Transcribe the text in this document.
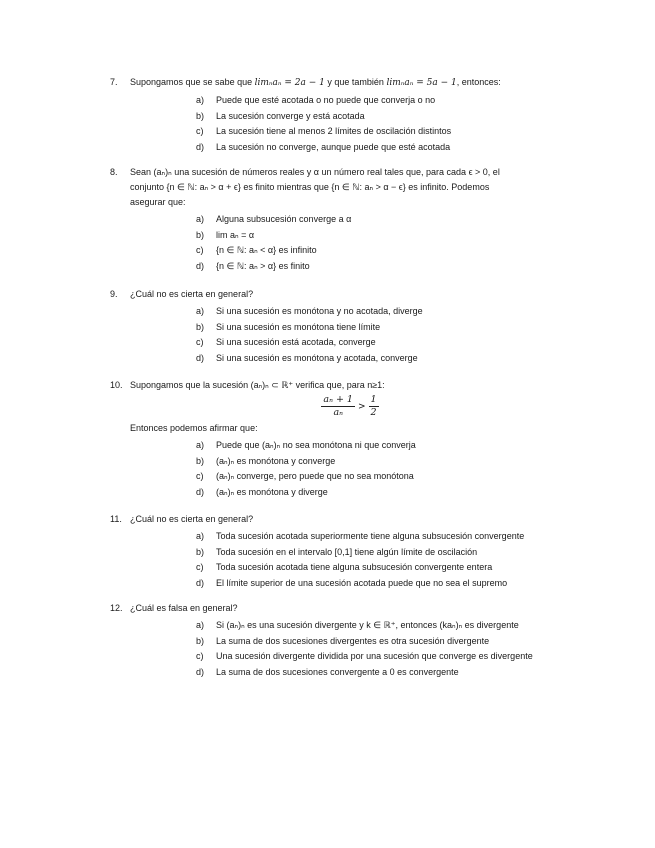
7. Supongamos que se sabe que limₙaₙ = 2a − 1 y que también limₙaₙ = 5a − 1, entonces:
a) Puede que esté acotada o no puede que converja o no
b) La sucesión converge y está acotada
c) La sucesión tiene al menos 2 límites de oscilación distintos
d) La sucesión no converge, aunque puede que esté acotada
8. Sean (aₙ)ₙ una sucesión de números reales y α un número real tales que, para cada ϵ > 0, el
conjunto {n ∈ ℕ: aₙ > α + ϵ} es finito mientras que {n ∈ ℕ: aₙ > α − ϵ} es infinito. Podemos
asegurar que:
a) Alguna subsucesión converge a α
b) lim aₙ = α
c) {n ∈ ℕ: aₙ < α} es infinito
d) {n ∈ ℕ: aₙ > α} es finito
9. ¿Cuál no es cierta en general?
a) Si una sucesión es monótona y no acotada, diverge
b) Si una sucesión es monótona tiene límite
c) Si una sucesión está acotada, converge
d) Si una sucesión es monótona y acotada, converge
10. Supongamos que la sucesión (aₙ)ₙ ⊂ ℝ⁺ verifica que, para n≥1:
$\frac{\text{aₙ + 1}}{\text{aₙ}} > \frac{1}{2}$
Entonces podemos afirmar que:
a) Puede que (aₙ)ₙ no sea monótona ni que converja
b) (aₙ)ₙ es monótona y converge
c) (aₙ)ₙ converge, pero puede que no sea monótona
d) (aₙ)ₙ es monótona y diverge
11. ¿Cuál no es cierta en general?
a) Toda sucesión acotada superiormente tiene alguna subsucesión convergente
b) Toda sucesión en el intervalo [0,1] tiene algún límite de oscilación
c) Toda sucesión acotada tiene alguna subsucesión convergente entera
d) El límite superior de una sucesión acotada puede que no sea el supremo
12. ¿Cuál es falsa en general?
a) Si (aₙ)ₙ es una sucesión divergente y k ∈ ℝ⁺, entonces (kaₙ)ₙ es divergente
b) La suma de dos sucesiones divergentes es otra sucesión divergente
c) Una sucesión divergente dividida por una sucesión que converge es divergente
d) La suma de dos sucesiones convergente a 0 es convergente
